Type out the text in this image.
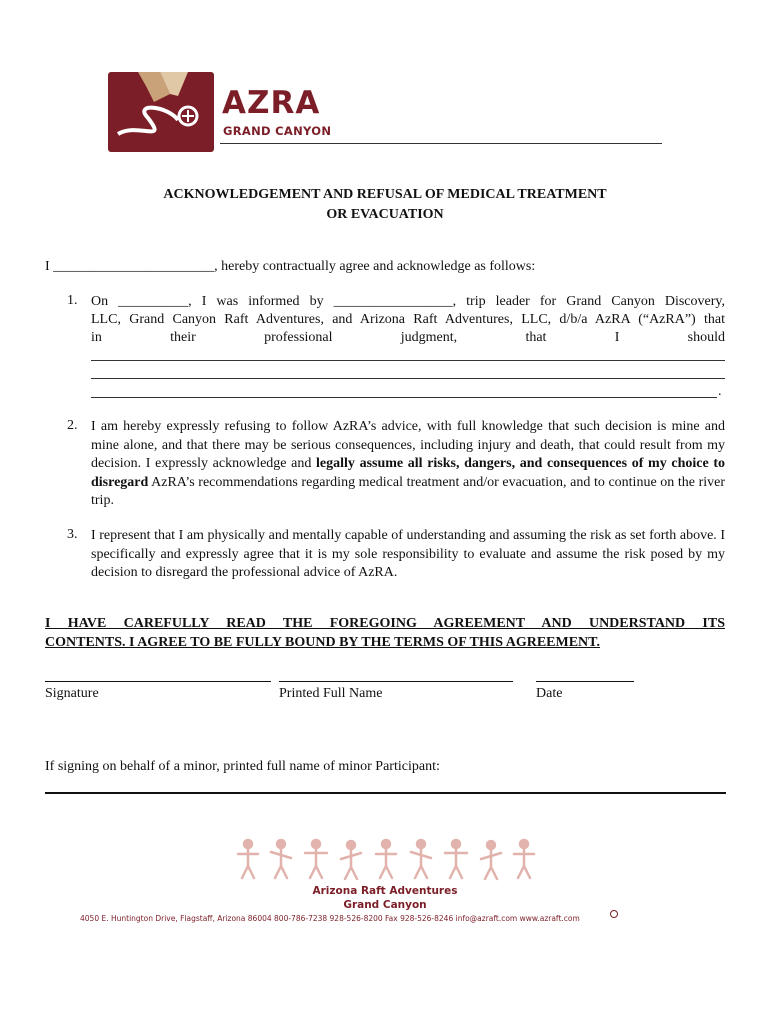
AZRA
GRAND CANYON
ACKNOWLEDGEMENT AND REFUSAL OF MEDICAL TREATMENT
OR EVACUATION
I _______________________, hereby contractually agree and acknowledge as follows:
1. On __________, I was informed by _________________, trip leader for Grand Canyon Discovery,
LLC, Grand Canyon Raft Adventures, and Arizona Raft Adventures, LLC, d/b/a AzRA (“AzRA”) that
in	their	professional	judgment,	that	I	should
.
2. I am hereby expressly refusing to follow AzRA’s advice, with full knowledge that such decision is mine and mine alone, and that there may be serious consequences, including injury and death, that could result from my decision. I expressly acknowledge and legally assume all risks, dangers, and consequences of my choice to disregard AzRA’s recommendations regarding medical treatment and/or evacuation, and to continue on the river trip.
3. I represent that I am physically and mentally capable of understanding and assuming the risk as set forth above. I specifically and expressly agree that it is my sole responsibility to evaluate and assume the risk posed by my decision to disregard the professional advice of AzRA.
I HAVE CAREFULLY READ THE FOREGOING AGREEMENT AND UNDERSTAND ITS
CONTENTS. I AGREE TO BE FULLY BOUND BY THE TERMS OF THIS AGREEMENT.
Signature	Printed Full Name	Date
If signing on behalf of a minor, printed full name of minor Participant:
Arizona Raft Adventures
Grand Canyon
4050 E. Huntington Drive, Flagstaff, Arizona 86004 800-786-7238 928-526-8200 Fax 928-526-8246 info@azraft.com www.azraft.com
